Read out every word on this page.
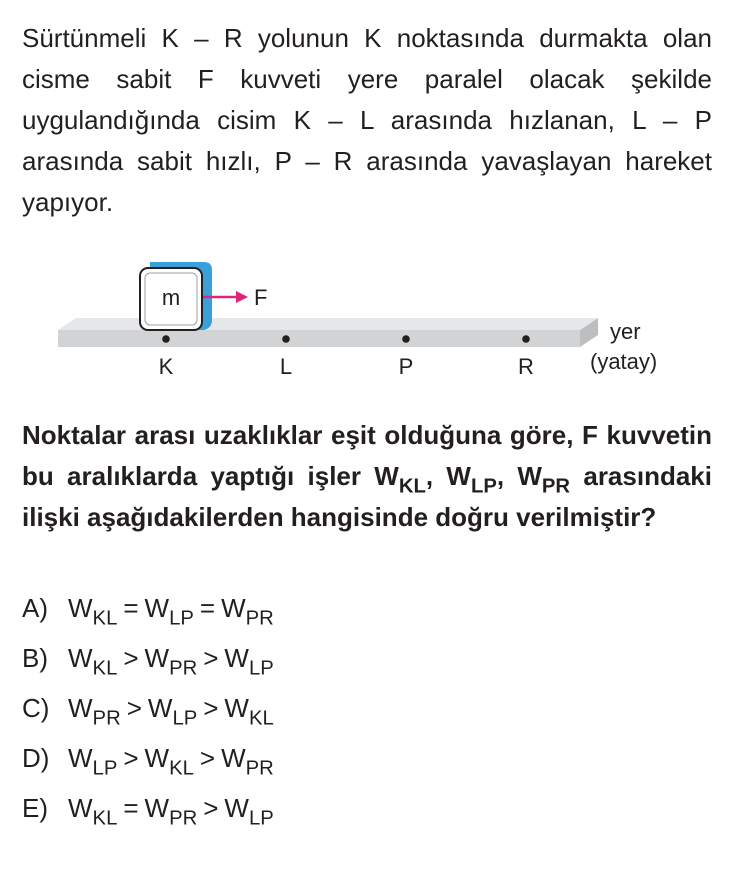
Sürtünmeli K – R yolunun K noktasında durmakta olan cisme sabit F kuvveti yere paralel olacak şekilde uygulandığında cisim K – L arasında hızlanan, L – P arasında sabit hızlı, P – R arasında yavaşlayan hareket yapıyor.

m	F
K	L	P	R
yer
(yatay)

Noktalar arası uzaklıklar eşit olduğuna göre, F kuvvetin bu aralıklarda yaptığı işler $W_{KL}$, $W_{LP}$, $W_{PR}$ arasındaki ilişki aşağıdakilerden hangisinde doğru verilmiştir?

A) $W_{KL} = W_{LP} = W_{PR}$
B) $W_{KL} > W_{PR} > W_{LP}$
C) $W_{PR} > W_{LP} > W_{KL}$
D) $W_{LP} > W_{KL} > W_{PR}$
E) $W_{KL} = W_{PR} > W_{LP}$
